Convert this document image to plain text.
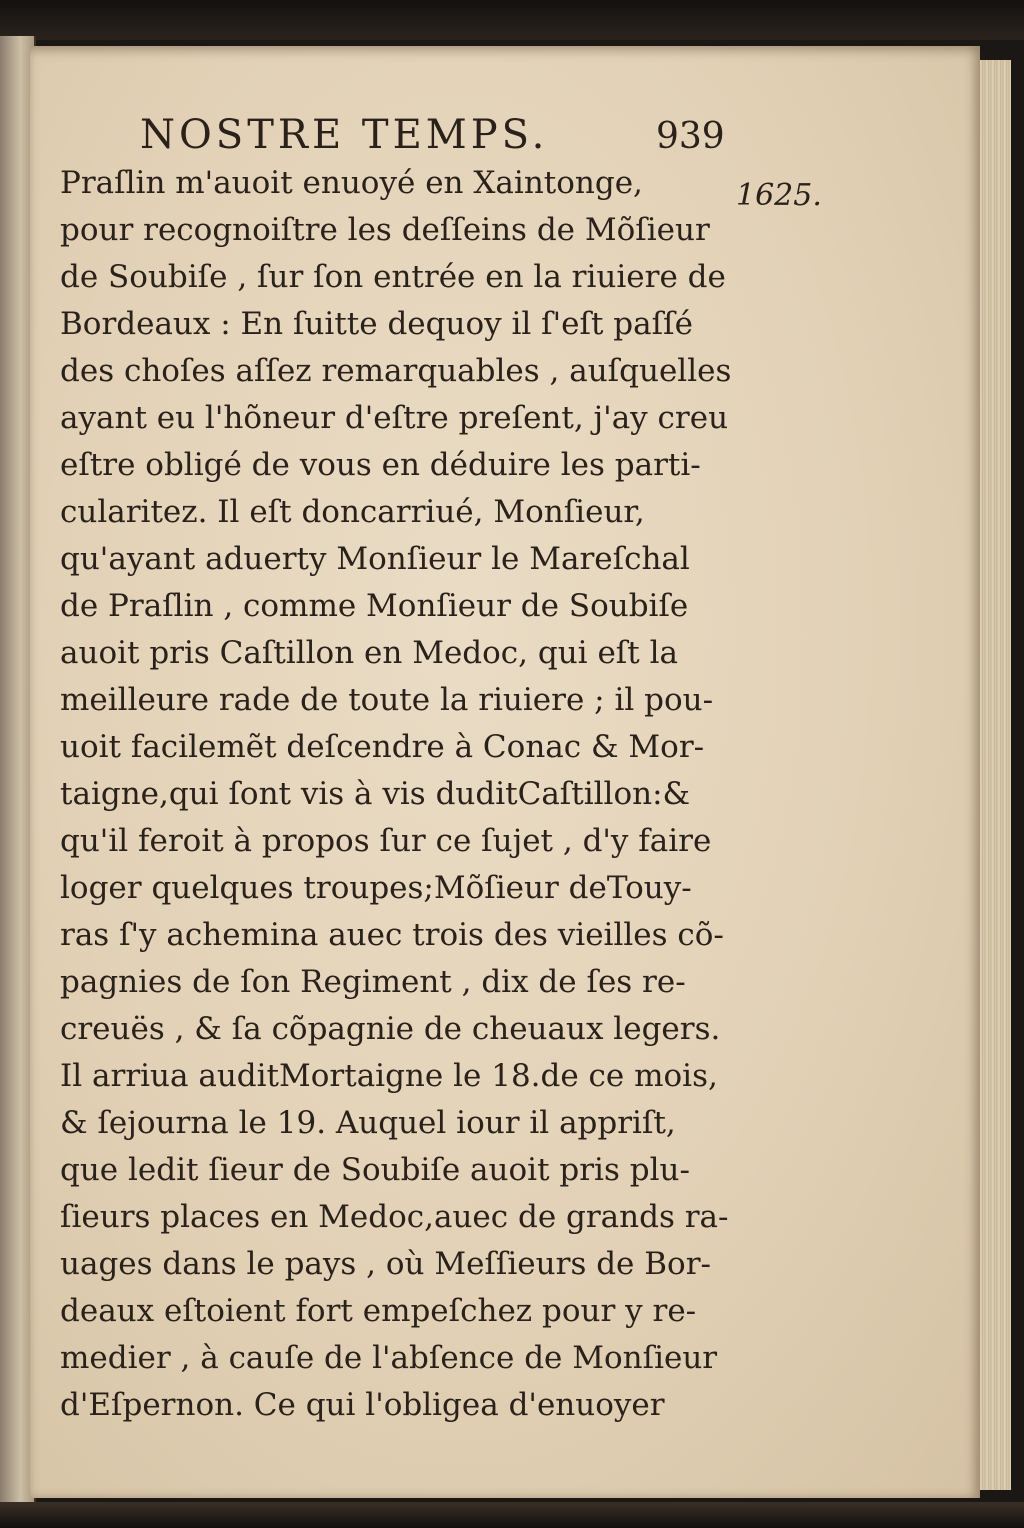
NOSTRE TEMPS.	939
1625.
Praſlin m'auoit enuoyé en Xaintonge,
pour recognoiſtre les deſſeins de Mõſieur
de Soubiſe , ſur ſon entrée en la riuiere de
Bordeaux : En ſuitte dequoy il ſ'eſt paſſé
des choſes aſſez remarquables , auſquelles
ayant eu l'hõneur d'eſtre preſent, j'ay creu
eſtre obligé de vous en déduire les parti-
cularitez. Il eſt doncarriué, Monſieur,
qu'ayant aduerty Monſieur le Mareſchal
de Praſlin , comme Monſieur de Soubiſe
auoit pris Caſtillon en Medoc, qui eſt la
meilleure rade de toute la riuiere ; il pou-
uoit facilemẽt deſcendre à Conac & Mor-
taigne,qui ſont vis à vis duditCaſtillon:&
qu'il feroit à propos ſur ce ſujet , d'y faire
loger quelques troupes;Mõſieur deTouy-
ras ſ'y achemina auec trois des vieilles cõ-
pagnies de ſon Regiment , dix de ſes re-
creuës , & ſa cõpagnie de cheuaux legers.
Il arriua auditMortaigne le 18.de ce mois,
& ſejourna le 19. Auquel iour il appriſt,
que ledit ſieur de Soubiſe auoit pris plu-
ſieurs places en Medoc,auec de grands ra-
uages dans le pays , où Meſſieurs de Bor-
deaux eſtoient fort empeſchez pour y re-
medier , à cauſe de l'abſence de Monſieur
d'Eſpernon. Ce qui l'obligea d'enuoyer
